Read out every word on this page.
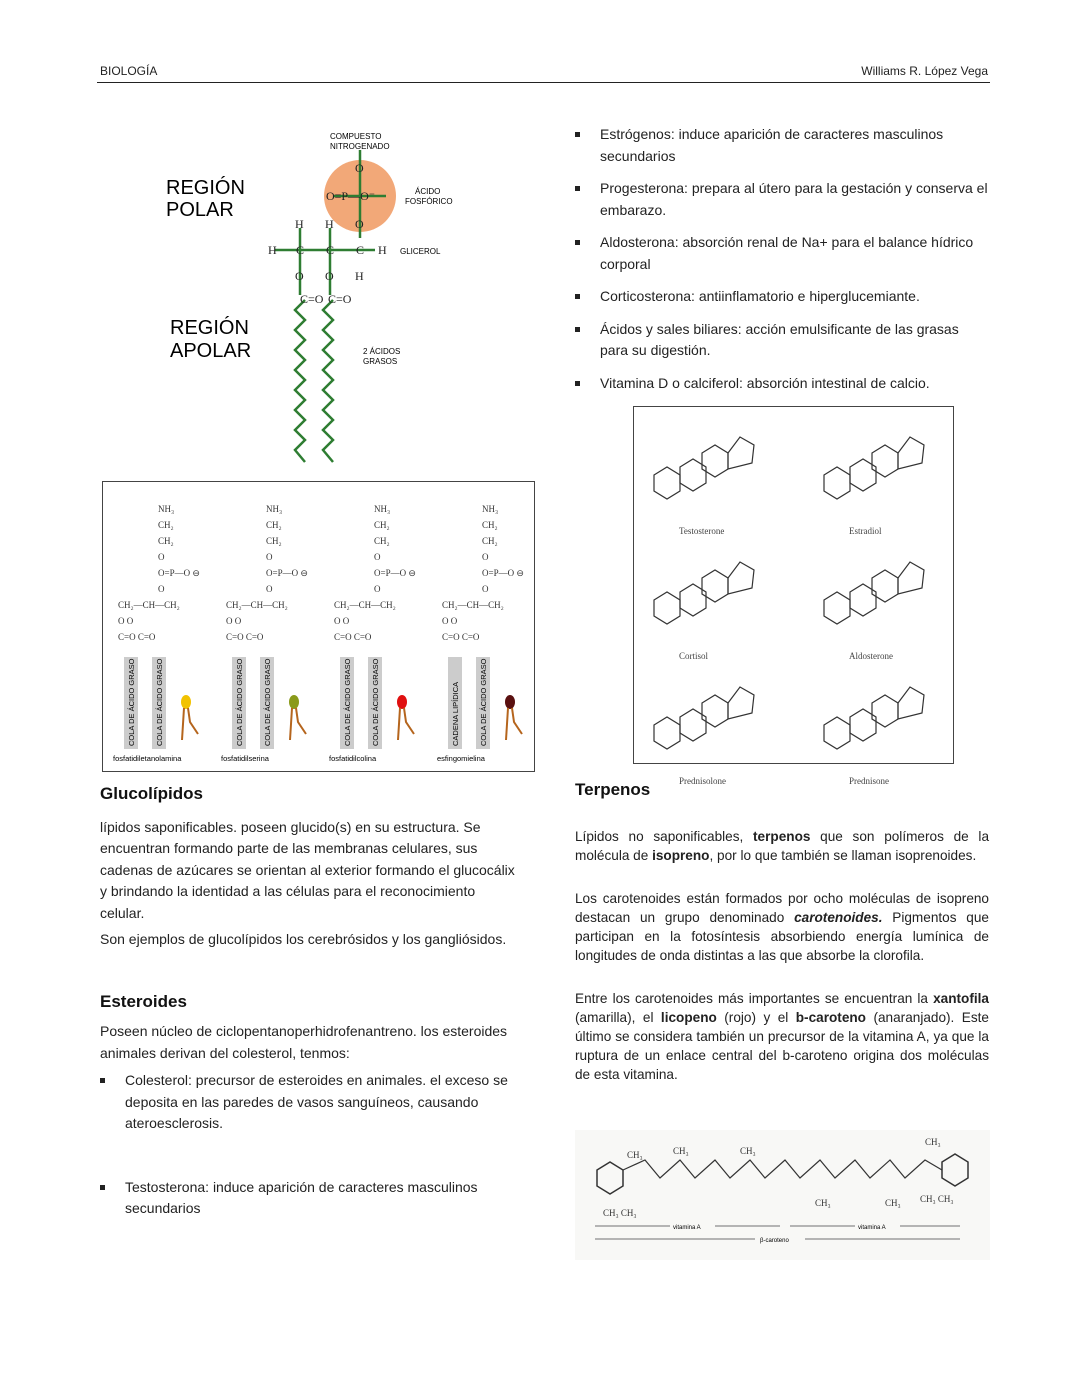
BIOLOGÍA	Williams R. López Vega
REGIÓN
POLAR
REGIÓN
APOLAR
COMPUESTO
NITROGENADO
ÁCIDO
FOSFÓRICO
GLICEROL
2 ÁCIDOS
GRASOS
O
O=P—O⁻
O
H H
H C C C H
O O H
C=O C=O
NH₃
CH₂
CH₂
O
O=P—O ⊖
O
CH₂—CH—CH₂
O O
C=O C=O
COLA DE ÁCIDO GRASO	COLA DE ÁCIDO GRASO
fosfatidiletanolamina
NH₃
CH₂
CH₂
O
O=P—O ⊖
O
CH₂—CH—CH₂
O O
C=O C=O
COLA DE ÁCIDO GRASO	COLA DE ÁCIDO GRASO
fosfatidilserina
NH₃
CH₂
CH₂
O
O=P—O ⊖
O
CH₂—CH—CH₂
O O
C=O C=O
COLA DE ÁCIDO GRASO	COLA DE ÁCIDO GRASO
fosfatidilcolina
NH₃
CH₂
CH₂
O
O=P—O ⊖
O
CH₂—CH—CH₂
O O
C=O C=O
CADENA LIPÍDICA	COLA DE ÁCIDO GRASO
esfingomielina
Glucolípidos

lípidos saponificables. poseen glucido(s) en su estructura. Se encuentran formando parte de las membranas celulares, sus cadenas de azúcares se orientan al exterior formando el glucocálix y brindando la identidad a las células para el reconocimiento celular.

Son ejemplos de glucolípidos los cerebrósidos y los gangliósidos.

Esteroides

Poseen núcleo de ciclopentanoperhidrofenantreno. los esteroides animales derivan del colesterol, tenmos:

Colesterol: precursor de esteroides en animales. el exceso se deposita en las paredes de vasos sanguíneos, causando ateroesclerosis.
Testosterona: induce aparición de caracteres masculinos secundarios
Estrógenos: induce aparición de caracteres masculinos secundarios
Progesterona: prepara al útero para la gestación y conserva el embarazo.
Aldosterona: absorción renal de Na+ para el balance hídrico corporal
Corticosterona: antiinflamatorio e hiperglucemiante.
Ácidos y sales biliares: acción emulsificante de las grasas para su digestión.
Vitamina D o calciferol: absorción intestinal de calcio.
Testosterone	Estradiol
Cortisol	Aldosterone
Prednisolone	Prednisone
Terpenos

Lípidos no saponificables, terpenos que son polímeros de la molécula de isopreno, por lo que también se llaman isoprenoides.

Los carotenoides están formados por ocho moléculas de isopreno destacan un grupo denominado carotenoides. Pigmentos que participan en la fotosíntesis absorbiendo energía lumínica de longitudes de onda distintas a las que absorbe la clorofila.

Entre los carotenoides más importantes se encuentran la xantofila (amarilla), el licopeno (rojo) y el b-caroteno (anaranjado). Este último se considera también un precursor de la vitamina A, ya que la ruptura de un enlace central del b-caroteno origina dos moléculas de esta vitamina.

CH₃	CH₃	CH₃
CH₃
CH₃	CH₃
CH₃ CH₃
CH₃ CH₃
vitamina A	vitamina A
β-caroteno
